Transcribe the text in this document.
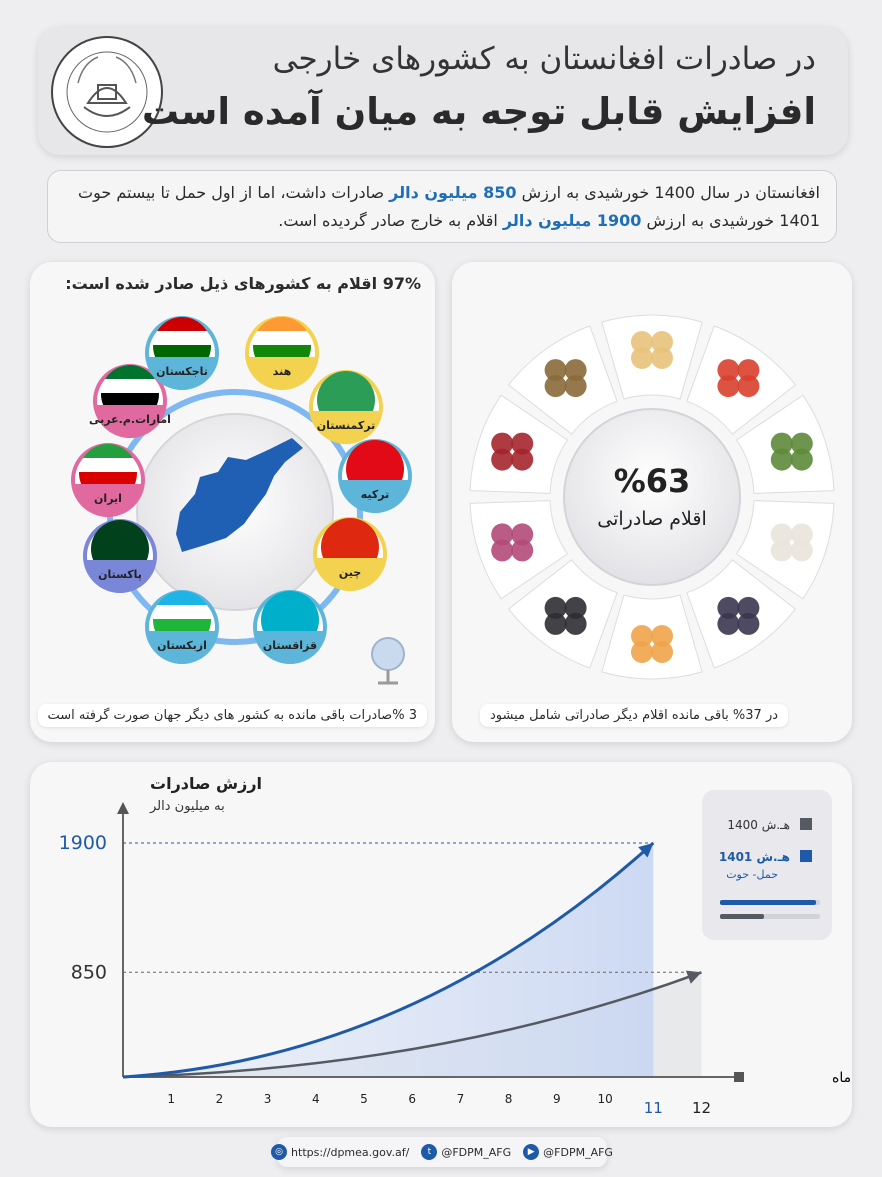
در صادرات افغانستان به کشورهای خارجی
افزایش قابل توجه به میان آمده است
افغانستان در سال 1400 خورشیدی به ارزش 850 میلیون دالر صادرات داشت، اما از اول حمل تا بیستم حوت 1401 خورشیدی به ارزش 1900 میلیون دالر اقلام به خارج صادر گردیده است.
97% اقلام به کشورهای ذیل صادر شده است:
هند
ترکمنستان
ترکیه
چین
قزاقستان
ازبکستان
پاکستان
ایران
امارات.م.عربی
تاجکستان
3 %صادرات باقی مانده به کشور های دیگر جهان صورت گرفته است
%63
اقلام صادراتی
در 37% باقی مانده اقلام دیگر صادراتی شامل میشود
ارزش صادرات
به میلیون دالر
1	2	3	4	5	6	7	8	9	10 11 12
850
1900
ماه
1400 هـ.ش
1401 هـ.ش
حمل- حوت
◎ https://dpmea.gov.af/	t @FDPM_AFG	▶ @FDPM_AFG
